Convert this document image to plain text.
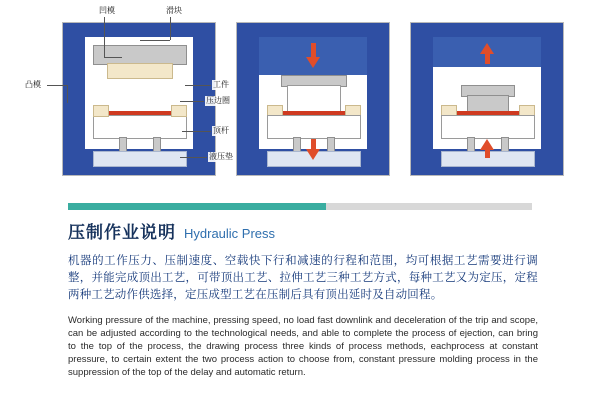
凹模	滑块
凸模	工件
压边圈
顶杆
液压垫
压制作业说明 Hydraulic Press

机器的工作压力、压制速度、空载快下行和减速的行程和范围，均可根据工艺需要进行调整，并能完成顶出工艺，可带顶出工艺、拉伸工艺三种工艺方式，每种工艺又为定压，定程两种工艺动作供选择，定压成型工艺在压制后具有顶出延时及自动回程。

Working pressure of the machine, pressing speed, no load fast downlink and deceleration of the trip and scope, can be adjusted according to the technological needs, and able to complete the process of ejection, can bring to the top of the process, the drawing process three kinds of process methods, eachprocess at constant pressure, to certain extent the two process action to choose from, constant pressure molding process in the suppression of the top of the delay and automatic return.
